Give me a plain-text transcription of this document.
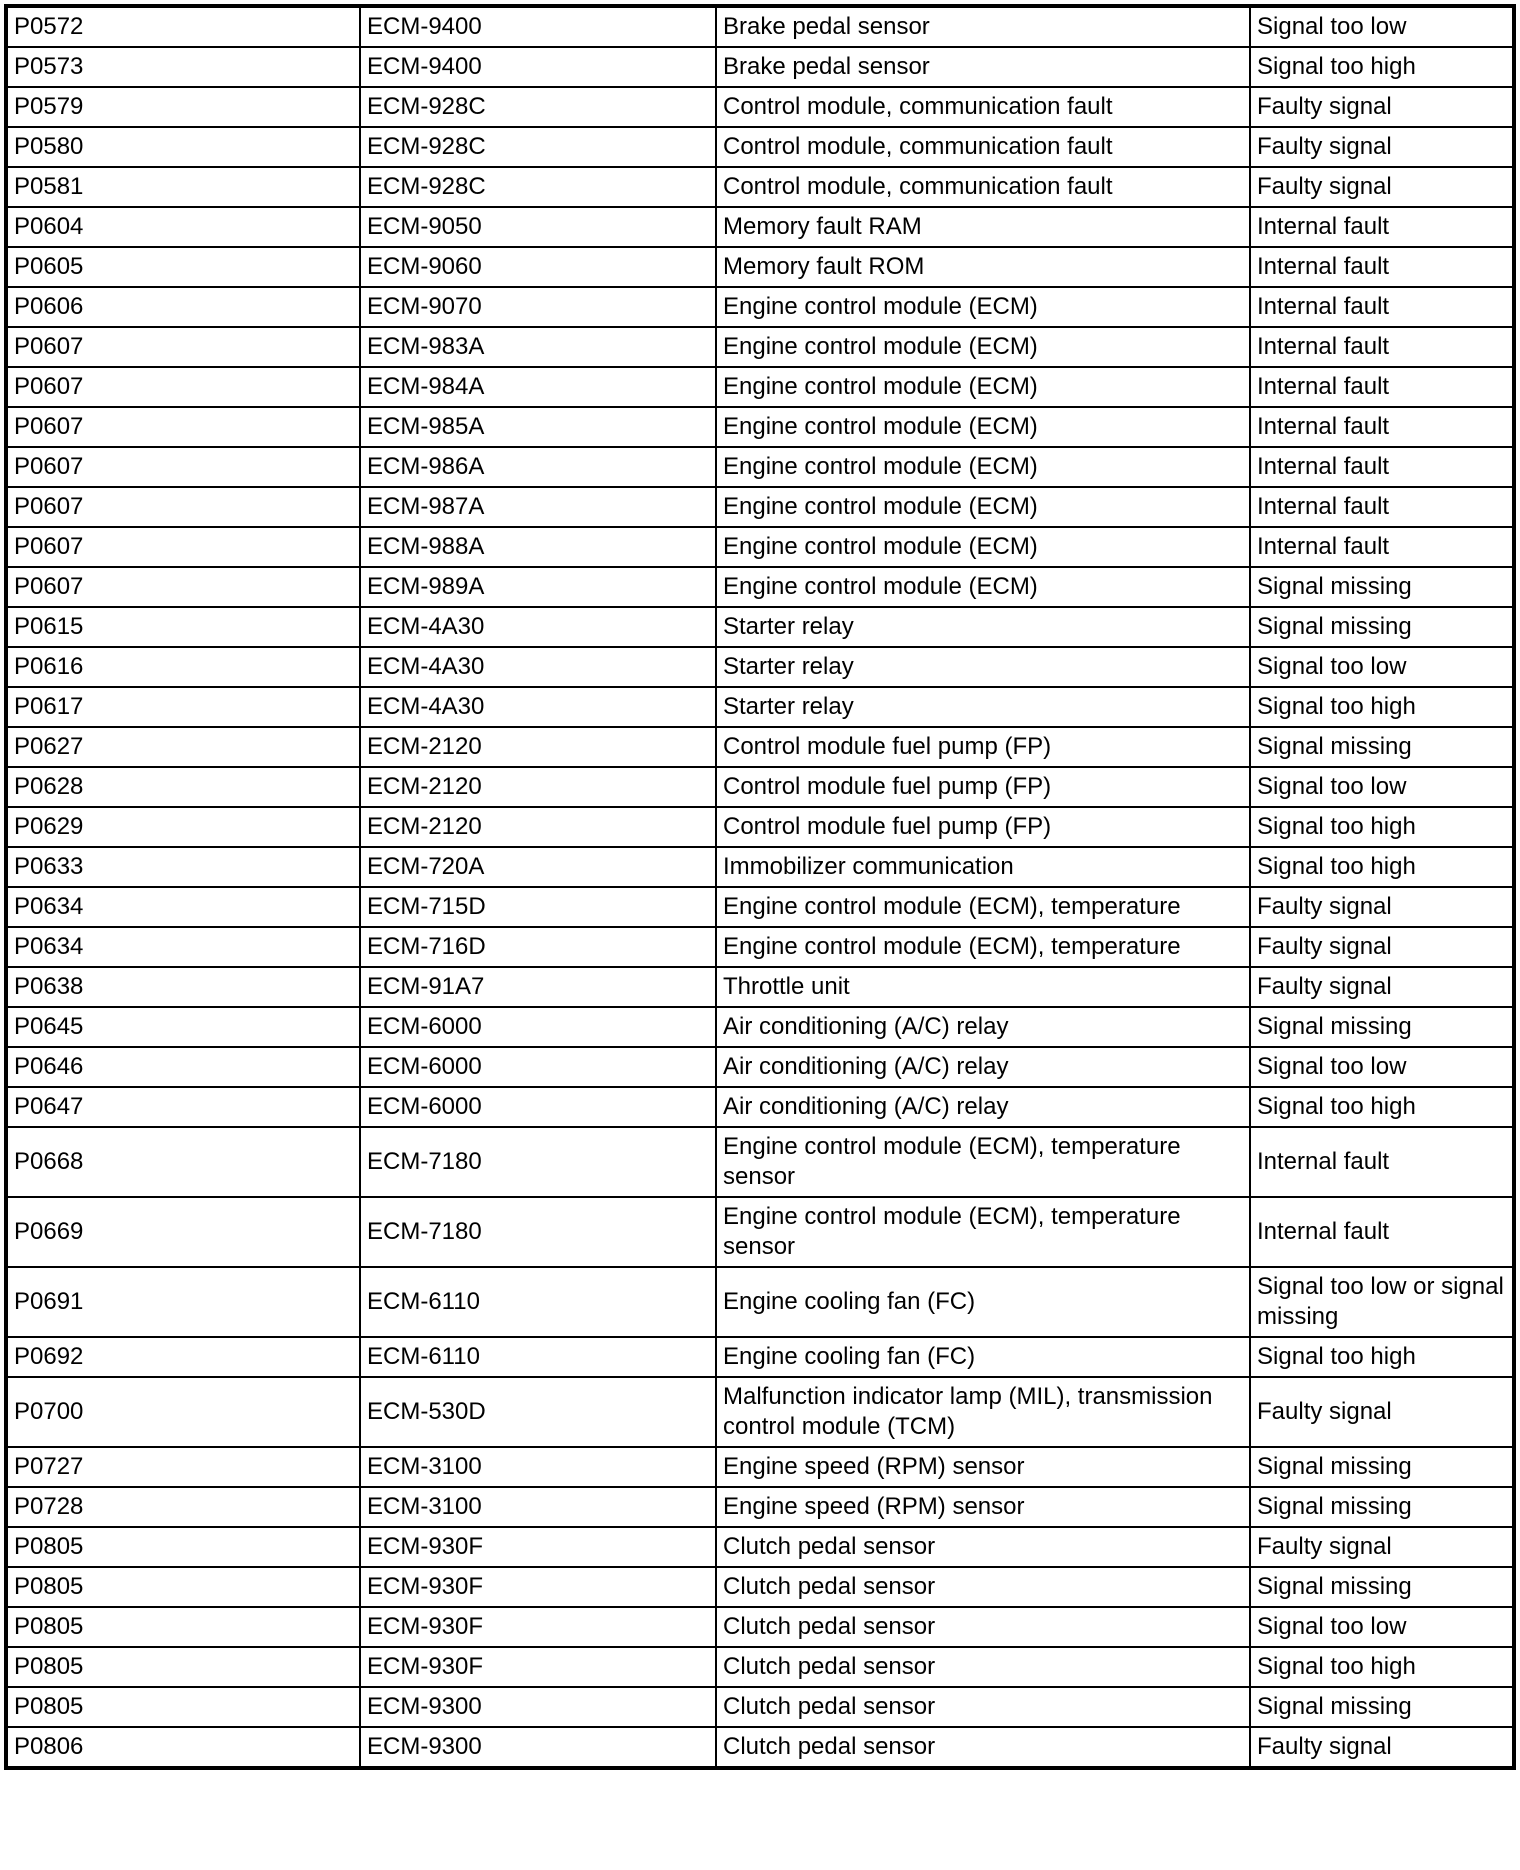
P0572	ECM-9400	Brake pedal sensor	Signal too low
P0573	ECM-9400	Brake pedal sensor	Signal too high
P0579	ECM-928C	Control module, communication fault	Faulty signal
P0580	ECM-928C	Control module, communication fault	Faulty signal
P0581	ECM-928C	Control module, communication fault	Faulty signal
P0604	ECM-9050	Memory fault RAM	Internal fault
P0605	ECM-9060	Memory fault ROM	Internal fault
P0606	ECM-9070	Engine control module (ECM)	Internal fault
P0607	ECM-983A	Engine control module (ECM)	Internal fault
P0607	ECM-984A	Engine control module (ECM)	Internal fault
P0607	ECM-985A	Engine control module (ECM)	Internal fault
P0607	ECM-986A	Engine control module (ECM)	Internal fault
P0607	ECM-987A	Engine control module (ECM)	Internal fault
P0607	ECM-988A	Engine control module (ECM)	Internal fault
P0607	ECM-989A	Engine control module (ECM)	Signal missing
P0615	ECM-4A30	Starter relay	Signal missing
P0616	ECM-4A30	Starter relay	Signal too low
P0617	ECM-4A30	Starter relay	Signal too high
P0627	ECM-2120	Control module fuel pump (FP)	Signal missing
P0628	ECM-2120	Control module fuel pump (FP)	Signal too low
P0629	ECM-2120	Control module fuel pump (FP)	Signal too high
P0633	ECM-720A	Immobilizer communication	Signal too high
P0634	ECM-715D	Engine control module (ECM), temperature	Faulty signal
P0634	ECM-716D	Engine control module (ECM), temperature	Faulty signal
P0638	ECM-91A7	Throttle unit	Faulty signal
P0645	ECM-6000	Air conditioning (A/C) relay	Signal missing
P0646	ECM-6000	Air conditioning (A/C) relay	Signal too low
P0647	ECM-6000	Air conditioning (A/C) relay	Signal too high
P0668	ECM-7180	Engine control module (ECM), temperature sensor	Internal fault
P0669	ECM-7180	Engine control module (ECM), temperature sensor	Internal fault
P0691	ECM-6110	Engine cooling fan (FC)	Signal too low or signal missing
P0692	ECM-6110	Engine cooling fan (FC)	Signal too high
P0700	ECM-530D	Malfunction indicator lamp (MIL), transmission control module (TCM)	Faulty signal
P0727	ECM-3100	Engine speed (RPM) sensor	Signal missing
P0728	ECM-3100	Engine speed (RPM) sensor	Signal missing
P0805	ECM-930F	Clutch pedal sensor	Faulty signal
P0805	ECM-930F	Clutch pedal sensor	Signal missing
P0805	ECM-930F	Clutch pedal sensor	Signal too low
P0805	ECM-930F	Clutch pedal sensor	Signal too high
P0805	ECM-9300	Clutch pedal sensor	Signal missing
P0806	ECM-9300	Clutch pedal sensor	Faulty signal
